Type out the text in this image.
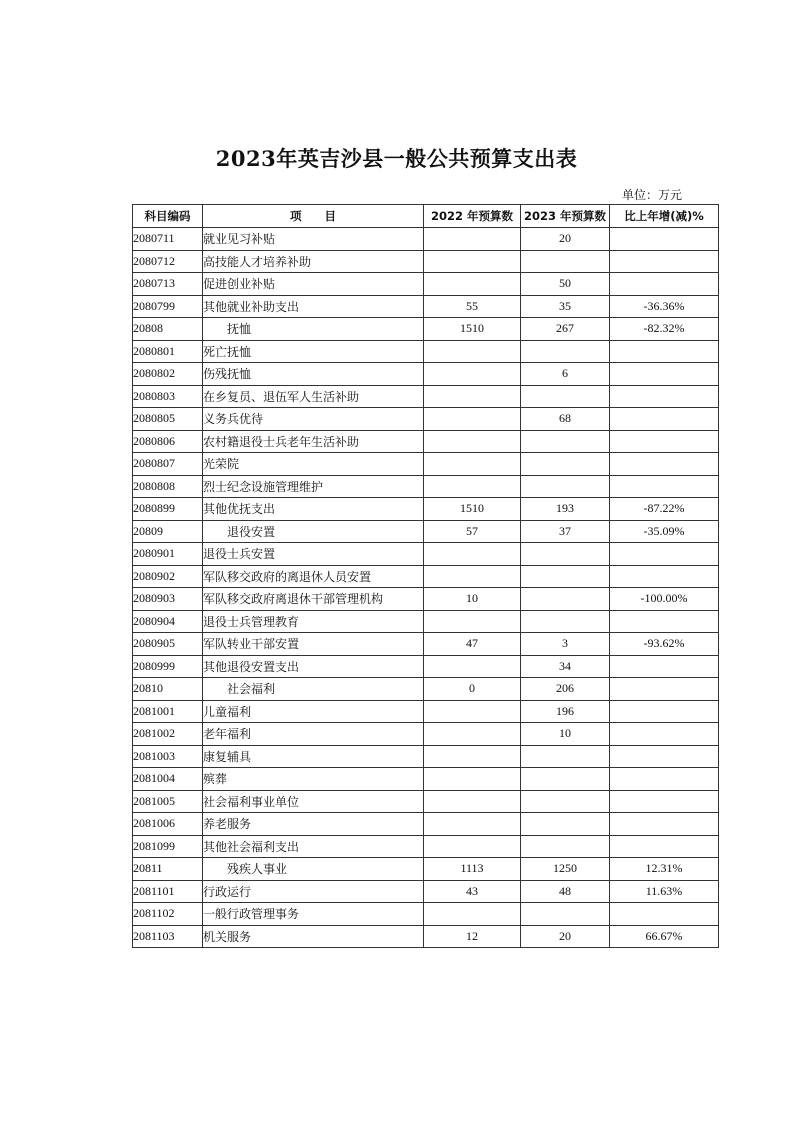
2023年英吉沙县一般公共预算支出表
单位：万元
科目编码	项　　目	2022 年预算数	2023 年预算数	比上年增(减)%
2080711	就业见习补贴		20	
2080712	高技能人才培养补助			
2080713	促进创业补贴		50	
2080799	其他就业补助支出	55	35	-36.36%
20808	抚恤	1510	267	-82.32%
2080801	死亡抚恤			
2080802	伤残抚恤		6	
2080803	在乡复员、退伍军人生活补助			
2080805	义务兵优待		68	
2080806	农村籍退役士兵老年生活补助			
2080807	光荣院			
2080808	烈士纪念设施管理维护			
2080899	其他优抚支出	1510	193	-87.22%
20809	退役安置	57	37	-35.09%
2080901	退役士兵安置			
2080902	军队移交政府的离退休人员安置			
2080903	军队移交政府离退休干部管理机构	10		-100.00%
2080904	退役士兵管理教育			
2080905	军队转业干部安置	47	3	-93.62%
2080999	其他退役安置支出		34	
20810	社会福利	0	206	
2081001	儿童福利		196	
2081002	老年福利		10	
2081003	康复辅具			
2081004	殡葬			
2081005	社会福利事业单位			
2081006	养老服务			
2081099	其他社会福利支出			
20811	残疾人事业	1113	1250	12.31%
2081101	行政运行	43	48	11.63%
2081102	一般行政管理事务			
2081103	机关服务	12	20	66.67%
